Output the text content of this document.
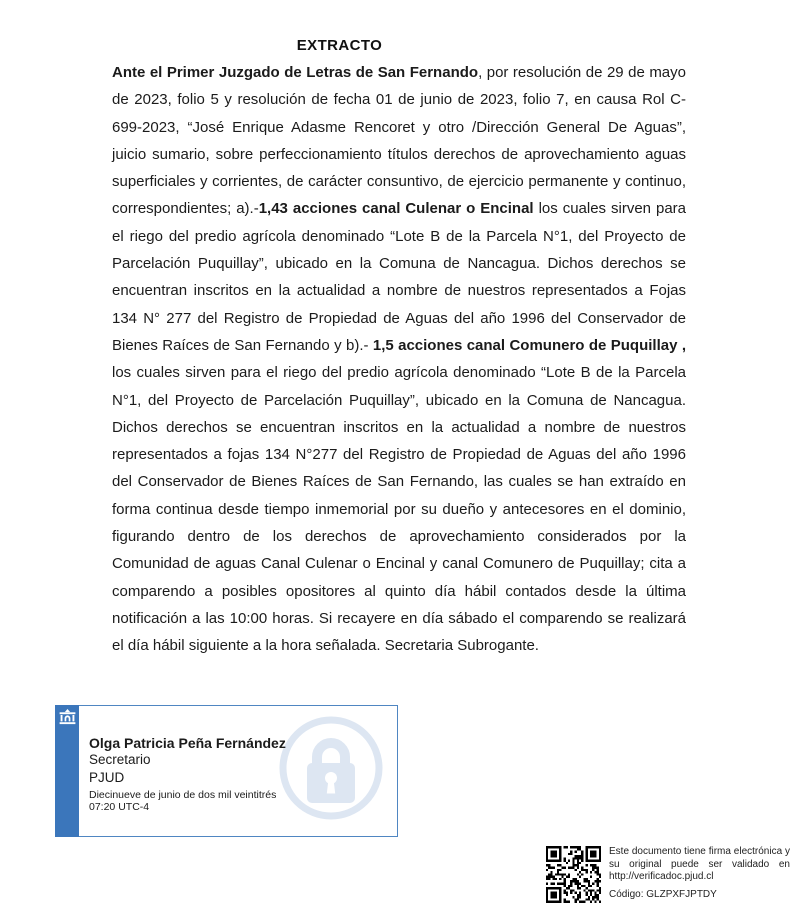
EXTRACTO

Ante el Primer Juzgado de Letras de San Fernando, por resolución de 29 de mayo de 2023, folio 5 y resolución de fecha 01 de junio de 2023, folio 7, en causa Rol C-699-2023, “José Enrique Adasme Rencoret y otro /Dirección General De Aguas”, juicio sumario, sobre perfeccionamiento títulos derechos de aprovechamiento aguas superficiales y corrientes, de carácter consuntivo, de ejercicio permanente y continuo, correspondientes; a).-1,43 acciones canal Culenar o Encinal los cuales sirven para el riego del predio agrícola denominado “Lote B de la Parcela N°1, del Proyecto de Parcelación Puquillay”, ubicado en la Comuna de Nancagua. Dichos derechos se encuentran inscritos en la actualidad a nombre de nuestros representados a Fojas 134 N° 277 del Registro de Propiedad de Aguas del año 1996 del Conservador de Bienes Raíces de San Fernando y b).- 1,5 acciones canal Comunero de Puquillay , los cuales sirven para el riego del predio agrícola denominado “Lote B de la Parcela N°1, del Proyecto de Parcelación Puquillay”, ubicado en la Comuna de Nancagua. Dichos derechos se encuentran inscritos en la actualidad a nombre de nuestros representados a fojas 134 N°277 del Registro de Propiedad de Aguas del año 1996 del Conservador de Bienes Raíces de San Fernando, las cuales se han extraído en forma continua desde tiempo inmemorial por su dueño y antecesores en el dominio, figurando dentro de los derechos de aprovechamiento considerados por la Comunidad de aguas Canal Culenar o Encinal y canal Comunero de Puquillay; cita a comparendo a posibles opositores al quinto día hábil contados desde la última notificación a las 10:00 horas. Si recayere en día sábado el comparendo se realizará el día hábil siguiente a la hora señalada. Secretaria Subrogante.

Olga Patricia Peña Fernández
Secretario
PJUD
Diecinueve de junio de dos mil veintitrés
07:20 UTC-4
Este documento tiene firma electrónica y su original puede ser validado en http://verificadoc.pjud.cl
Código: GLZPXFJPTDY
